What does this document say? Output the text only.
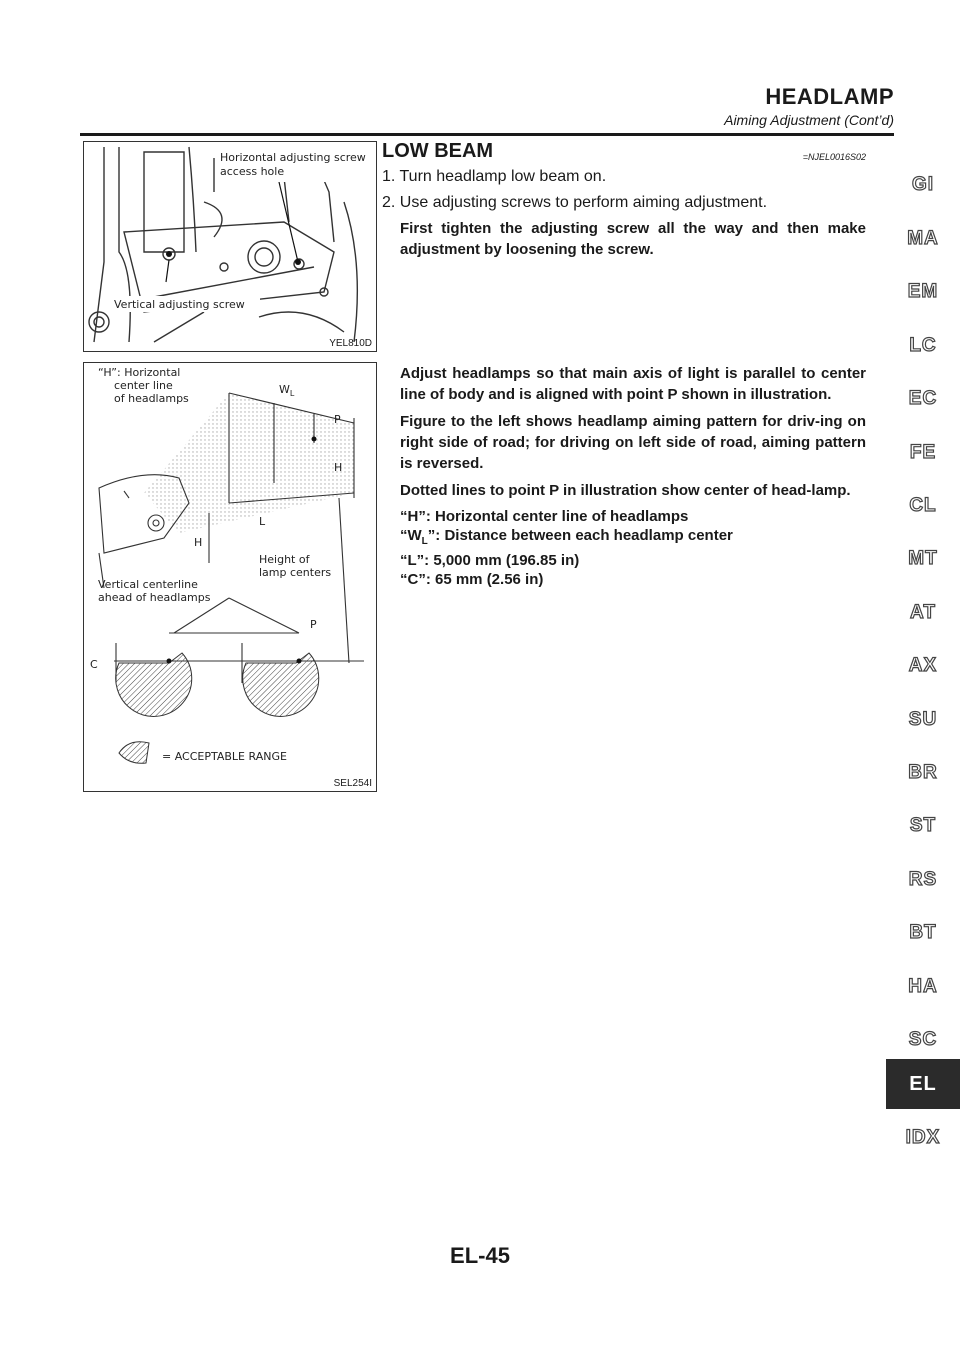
HEADLAMP
Aiming Adjustment (Cont’d)
Horizontal adjusting screw
access hole
Vertical adjusting screw
YEL810D
“H”: Horizontal
center line
of headlamps
$W_L$
P
H
L
H
Height of
lamp centers
Vertical centerline
ahead of headlamps
P
C
= ACCEPTABLE RANGE
SEL254I
LOW BEAM	=NJEL0016S02

1. Turn headlamp low beam on.

2. Use adjusting screws to perform aiming adjustment.

First tighten the adjusting screw all the way and then make adjustment by loosening the screw.

Adjust headlamps so that main axis of light is parallel to center line of body and is aligned with point P shown in illustration.

Figure to the left shows headlamp aiming pattern for driv-ing on right side of road; for driving on left side of road, aiming pattern is reversed.

Dotted lines to point P in illustration show center of head-lamp.

“H”: Horizontal center line of headlamps

“$W_L$”: Distance between each headlamp center

“L”: 5,000 mm (196.85 in)

“C”: 65 mm (2.56 in)

GI
MA
EM
LC
EC
FE
CL
MT
AT
AX
SU
BR
ST
RS
BT
HA
SC
EL
IDX
EL-45
